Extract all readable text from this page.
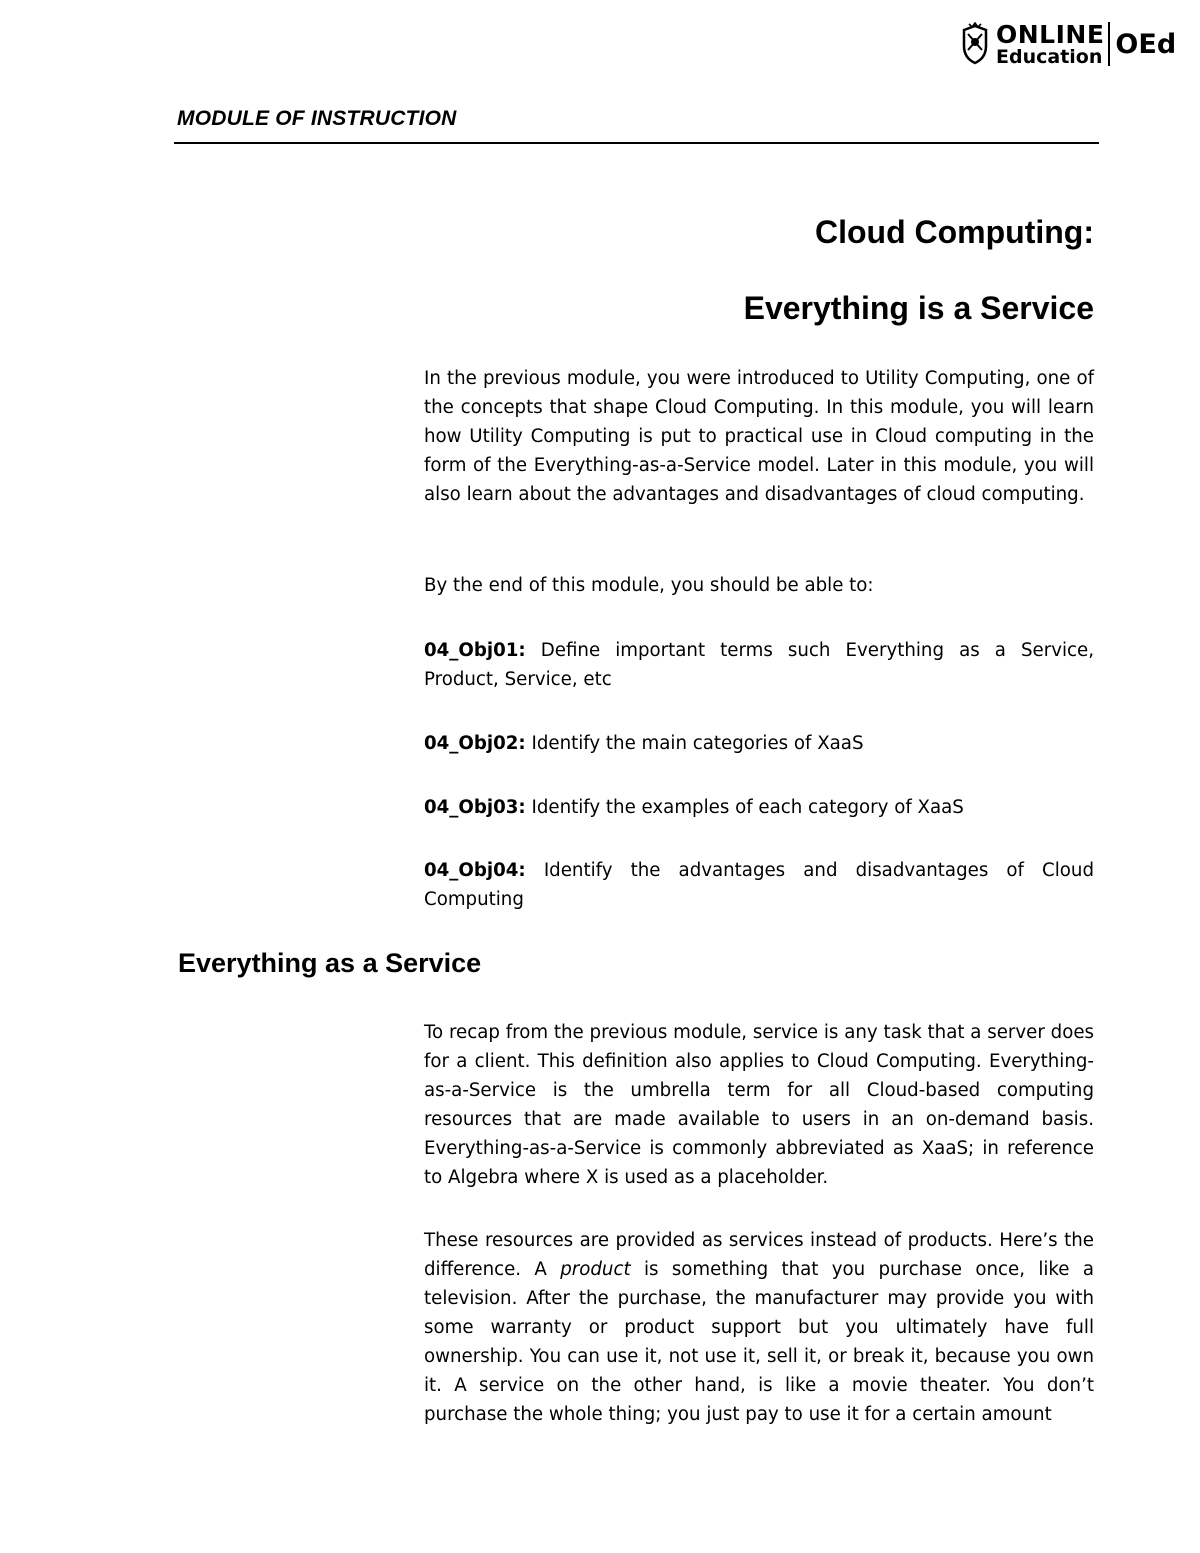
ONLINE
Education OEd
MODULE OF INSTRUCTION
Cloud Computing:
Everything is a Service

In the previous module, you were introduced to Utility Computing, one of the concepts that shape Cloud Computing. In this module, you will learn how Utility Computing is put to practical use in Cloud computing in the form of the Everything-as-a-Service model. Later in this module, you will also learn about the advantages and disadvantages of cloud computing.

By the end of this module, you should be able to:

04_Obj01: Define important terms such Everything as a Service, Product, Service, etc

04_Obj02: Identify the main categories of XaaS

04_Obj03: Identify the examples of each category of XaaS

04_Obj04: Identify the advantages and disadvantages of Cloud Computing

Everything as a Service

To recap from the previous module, service is any task that a server does for a client. This definition also applies to Cloud Computing. Everything-as-a-Service is the umbrella term for all Cloud-based computing resources that are made available to users in an on-demand basis. Everything-as-a-Service is commonly abbreviated as XaaS; in reference to Algebra where X is used as a placeholder.

These resources are provided as services instead of products. Here’s the difference. A product is something that you purchase once, like a television. After the purchase, the manufacturer may provide you with some warranty or product support but you ultimately have full ownership. You can use it, not use it, sell it, or break it, because you own it. A service on the other hand, is like a movie theater. You don’t purchase the whole thing; you just pay to use it for a certain amount
